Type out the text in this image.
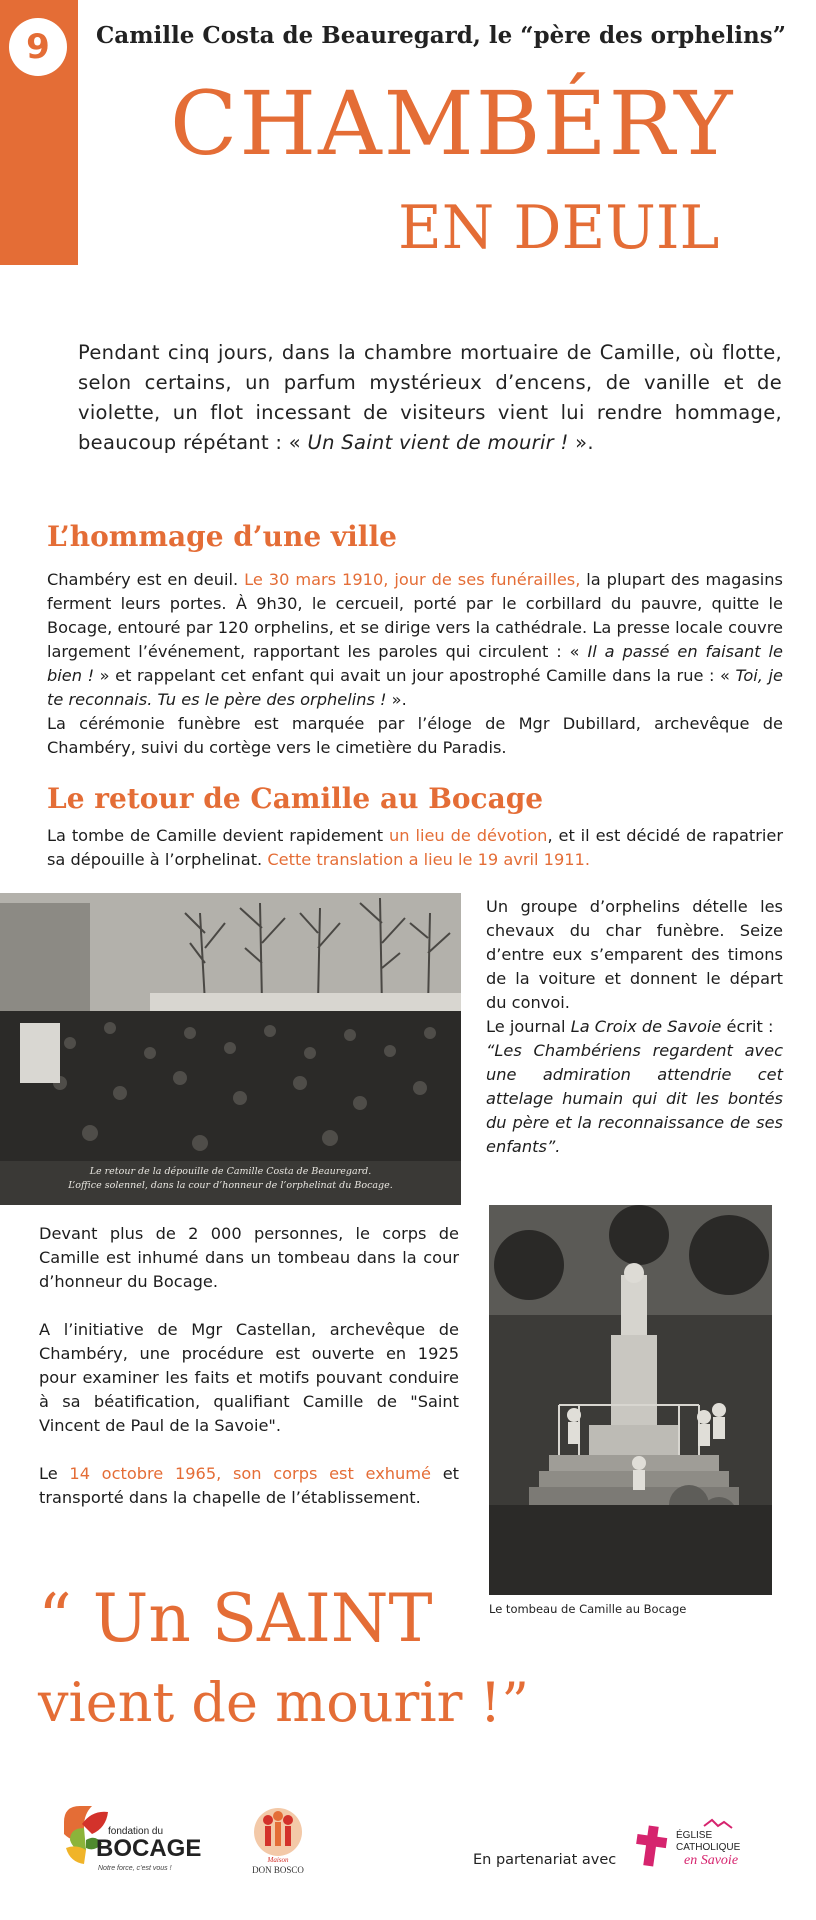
9	Camille Costa de Beauregard, le “père des orphelins”
CHAMBÉRY
EN DEUIL

Pendant cinq jours, dans la chambre mortuaire de Camille, où flotte, selon certains, un parfum mystérieux d’encens, de vanille et de violette, un flot incessant de visiteurs vient lui rendre hommage, beaucoup répétant : « Un Saint vient de mourir ! ».

L’hommage d’une ville

Chambéry est en deuil. Le 30 mars 1910, jour de ses funérailles, la plupart des magasins ferment leurs portes. À 9h30, le cercueil, porté par le corbillard du pauvre, quitte le Bocage, entouré par 120 orphelins, et se dirige vers la cathédrale. La presse locale couvre largement l’événement, rapportant les paroles qui circulent : « Il a passé en faisant le bien ! » et rappelant cet enfant qui avait un jour apostrophé Camille dans la rue : « Toi, je te reconnais. Tu es le père des orphelins ! ».

La cérémonie funèbre est marquée par l’éloge de Mgr Dubillard, archevêque de Chambéry, suivi du cortège vers le cimetière du Paradis.

Le retour de Camille au Bocage

La tombe de Camille devient rapidement un lieu de dévotion, et il est décidé de rapatrier sa dépouille à l’orphelinat. Cette translation a lieu le 19 avril 1911.

Le retour de la dépouille de Camille Costa de Beauregard.
L’office solennel, dans la cour d’honneur de l’orphelinat du Bocage.

Un groupe d’orphelins dételle les chevaux du char funèbre. Seize d’entre eux s’emparent des timons de la voiture et donnent le départ du convoi.

Le journal La Croix de Savoie écrit :

“Les Chambériens regardent avec une admiration attendrie cet attelage humain qui dit les bontés du père et la reconnaissance de ses enfants”.

Devant plus de 2 000 personnes, le corps de Camille est inhumé dans un tombeau dans la cour d’honneur du Bocage.

A l’initiative de Mgr Castellan, archevêque de Chambéry, une procédure est ouverte en 1925 pour examiner les faits et motifs pouvant conduire à sa béatification, qualifiant Camille de "Saint Vincent de Paul de la Savoie".

Le 14 octobre 1965, son corps est exhumé et transporté dans la chapelle de l’établissement.

Le tombeau de Camille au Bocage
“ Un SAINT
vient de mourir !”
fondation du
BOCAGE
Notre force, c’est vous !
Maison
DON BOSCO
En partenariat avec
ÉGLISE
CATHOLIQUE
en Savoie
